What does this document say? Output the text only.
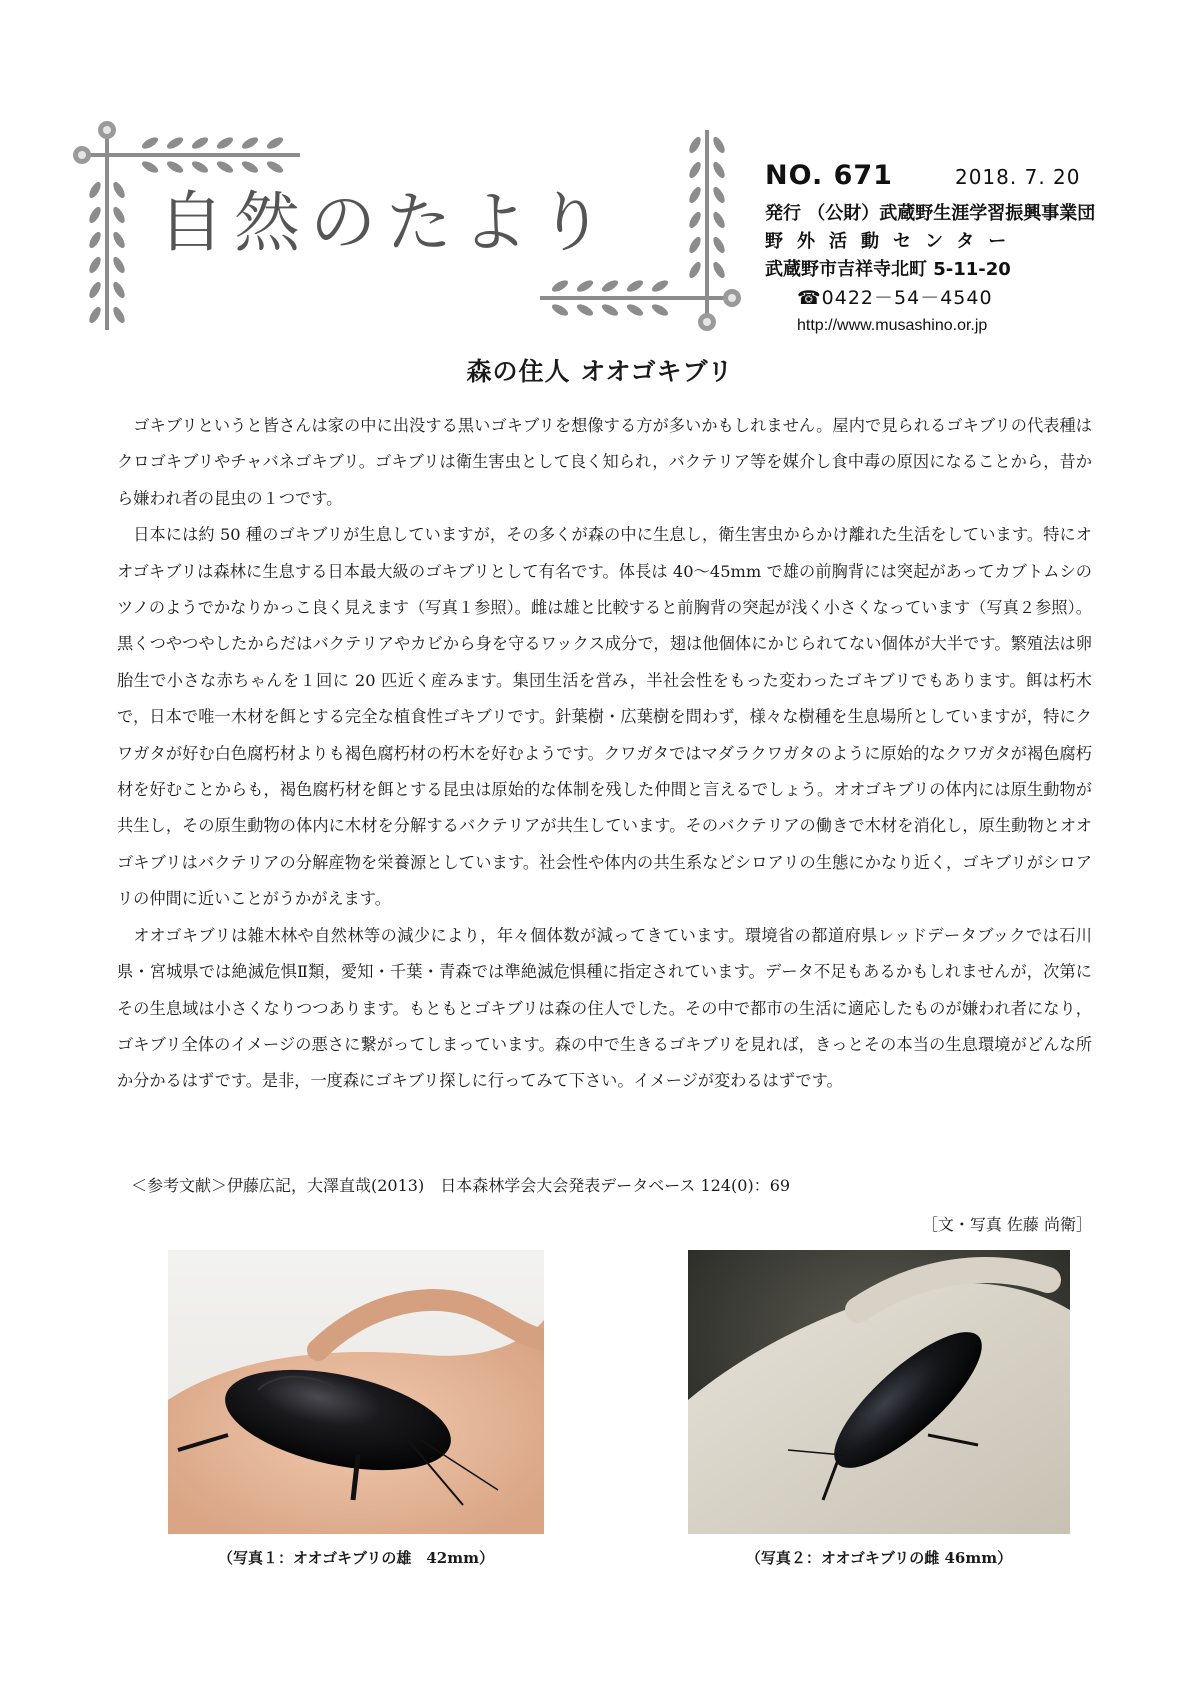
自然のたより
NO. 671	2018. 7. 20
発行 （公財）武蔵野生涯学習振興事業団
野外活動センター
武蔵野市吉祥寺北町 5-11-20
☎0422－54－4540
http://www.musashino.or.jp
森の住人 オオゴキブリ

ゴキブリというと皆さんは家の中に出没する黒いゴキブリを想像する方が多いかもしれません。屋内で見られるゴキブリの代表種はクロゴキブリやチャバネゴキブリ。ゴキブリは衛生害虫として良く知られ，バクテリア等を媒介し食中毒の原因になることから，昔から嫌われ者の昆虫の１つです。

日本には約 50 種のゴキブリが生息していますが，その多くが森の中に生息し，衛生害虫からかけ離れた生活をしています。特にオオゴキブリは森林に生息する日本最大級のゴキブリとして有名です。体長は 40～45mm で雄の前胸背には突起があってカブトムシのツノのようでかなりかっこ良く見えます（写真１参照）。雌は雄と比較すると前胸背の突起が浅く小さくなっています（写真２参照）。黒くつやつやしたからだはバクテリアやカビから身を守るワックス成分で，翅は他個体にかじられてない個体が大半です。繁殖法は卵胎生で小さな赤ちゃんを１回に 20 匹近く産みます。集団生活を営み，半社会性をもった変わったゴキブリでもあります。餌は朽木で，日本で唯一木材を餌とする完全な植食性ゴキブリです。針葉樹・広葉樹を問わず，様々な樹種を生息場所としていますが，特にクワガタが好む白色腐朽材よりも褐色腐朽材の朽木を好むようです。クワガタではマダラクワガタのように原始的なクワガタが褐色腐朽材を好むことからも，褐色腐朽材を餌とする昆虫は原始的な体制を残した仲間と言えるでしょう。オオゴキブリの体内には原生動物が共生し，その原生動物の体内に木材を分解するバクテリアが共生しています。そのバクテリアの働きで木材を消化し，原生動物とオオゴキブリはバクテリアの分解産物を栄養源としています。社会性や体内の共生系などシロアリの生態にかなり近く，ゴキブリがシロアリの仲間に近いことがうかがえます。

オオゴキブリは雑木林や自然林等の減少により，年々個体数が減ってきています。環境省の都道府県レッドデータブックでは石川県・宮城県では絶滅危惧Ⅱ類，愛知・千葉・青森では準絶滅危惧種に指定されています。データ不足もあるかもしれませんが，次第にその生息域は小さくなりつつあります。もともとゴキブリは森の住人でした。その中で都市の生活に適応したものが嫌われ者になり，ゴキブリ全体のイメージの悪さに繋がってしまっています。森の中で生きるゴキブリを見れば，きっとその本当の生息環境がどんな所か分かるはずです。是非，一度森にゴキブリ探しに行ってみて下さい。イメージが変わるはずです。

＜参考文献＞伊藤広記，大澤直哉(2013)　日本森林学会大会発表データベース 124(0)：69
［文・写真 佐藤 尚衛］
（写真１：オオゴキブリの雄　42mm）	（写真２：オオゴキブリの雌 46mm）
